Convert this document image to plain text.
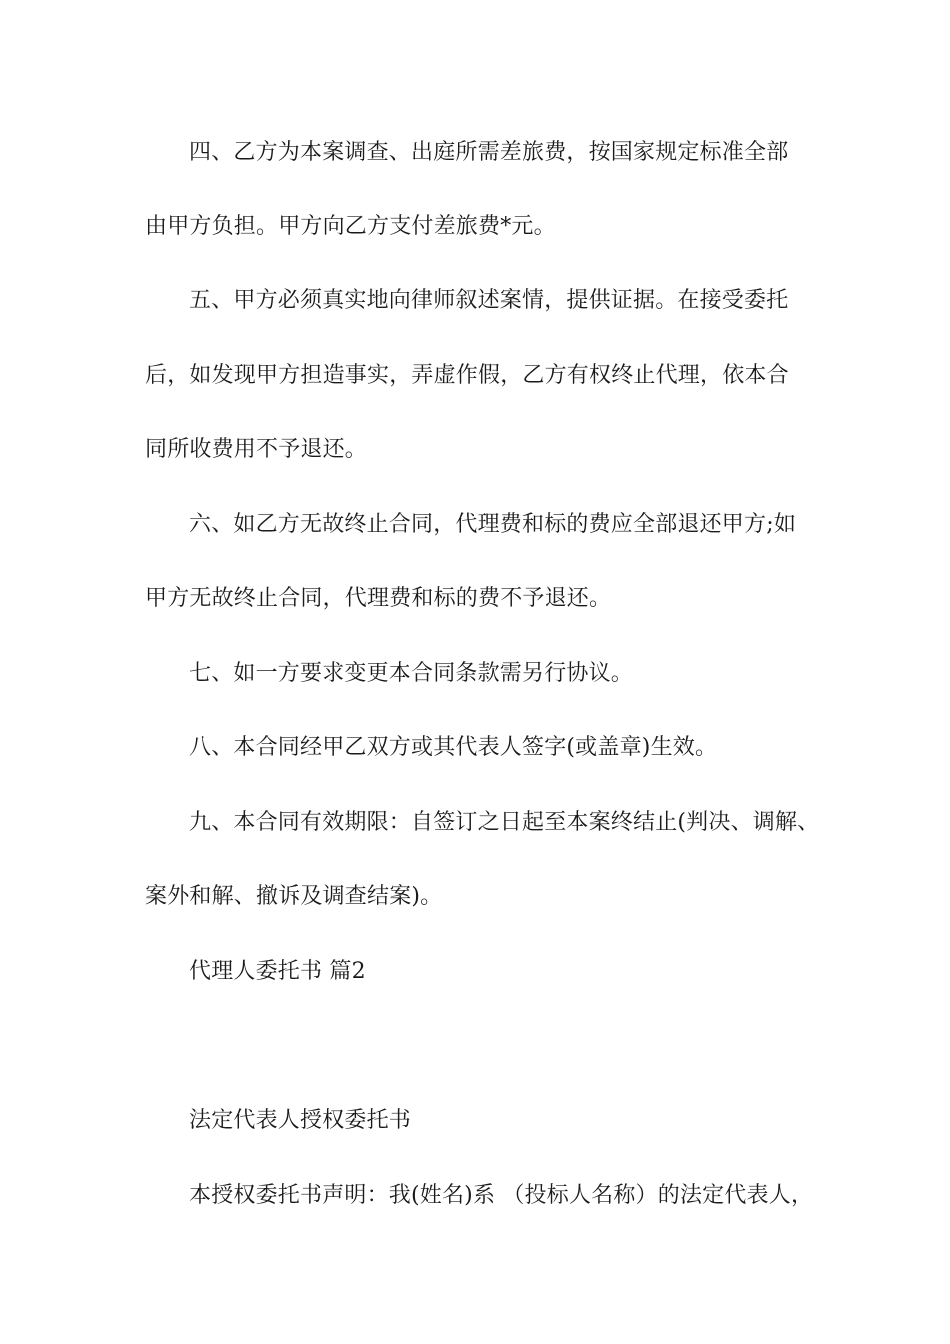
四、乙方为本案调查、出庭所需差旅费，按国家规定标准全部
由甲方负担。甲方向乙方支付差旅费*元。
五、甲方必须真实地向律师叙述案情，提供证据。在接受委托
后，如发现甲方担造事实，弄虚作假，乙方有权终止代理，依本合
同所收费用不予退还。
六、如乙方无故终止合同，代理费和标的费应全部退还甲方;如
甲方无故终止合同，代理费和标的费不予退还。
七、如一方要求变更本合同条款需另行协议。
八、本合同经甲乙双方或其代表人签字(或盖章)生效。
九、本合同有效期限：自签订之日起至本案终结止(判决、调解、
案外和解、撤诉及调查结案)。
代理人委托书 篇2
法定代表人授权委托书
本授权委托书声明：我(姓名)系 （投标人名称）的法定代表人，
